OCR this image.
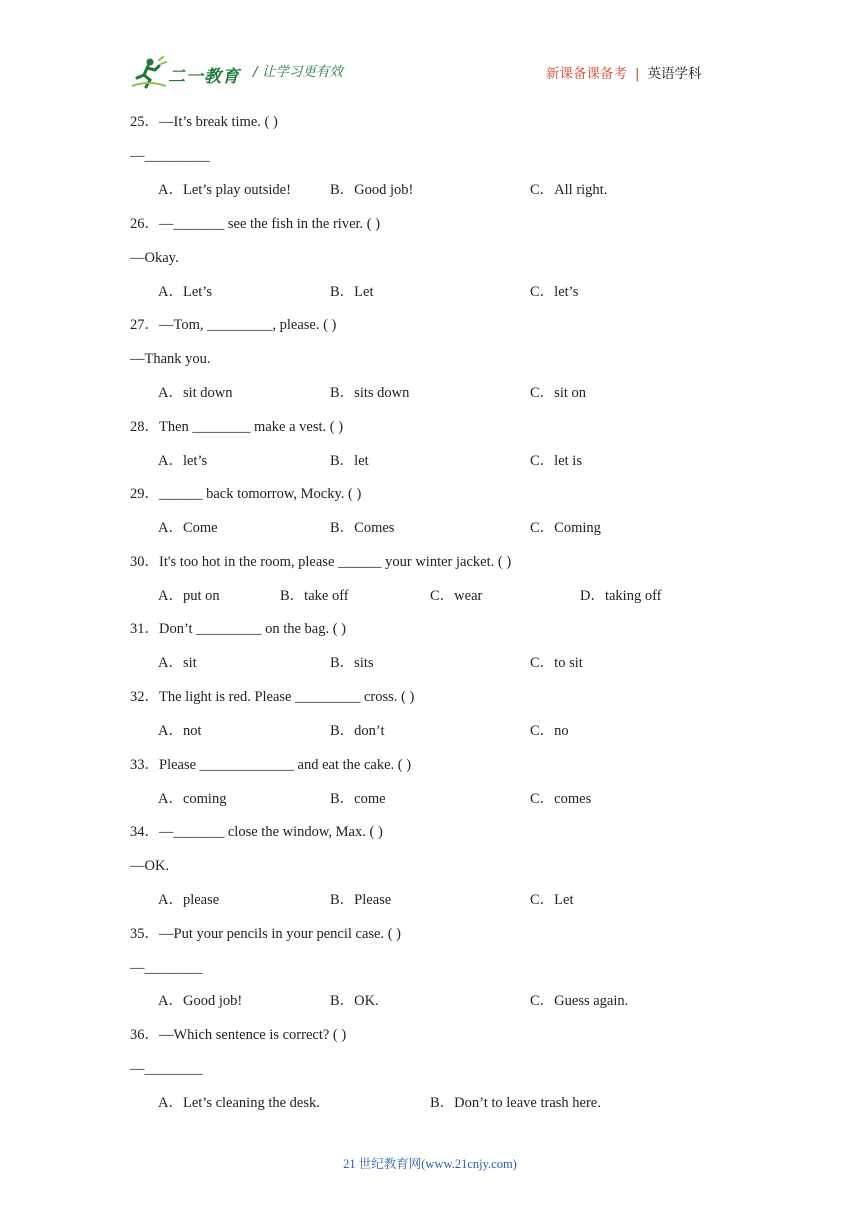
二一教育 / 让学习更有效	新课备课备考 | 英语学科
25．—It’s break time. ( )
—_________
A．Let’s play outside!	B．Good job!	C．All right.
26．—_______ see the fish in the river. ( )
—Okay.
A．Let’s	B．Let	C．let’s
27．—Tom, _________, please. ( )
—Thank you.
A．sit down	B．sits down	C．sit on
28．Then ________ make a vest. ( )
A．let’s	B．let	C．let is
29．______ back tomorrow, Mocky. ( )
A．Come	B．Comes	C．Coming
30．It's too hot in the room, please ______ your winter jacket. ( )
A．put on	B．take off	C．wear	D．taking off
31．Don’t _________ on the bag. ( )
A．sit	B．sits	C．to sit
32．The light is red. Please _________ cross. ( )
A．not	B．don’t	C．no
33．Please _____________ and eat the cake. ( )
A．coming	B．come	C．comes
34．—_______ close the window, Max. ( )
—OK.
A．please	B．Please	C．Let
35．—Put your pencils in your pencil case. ( )
—________
A．Good job!	B．OK.	C．Guess again.
36．—Which sentence is correct? ( )
—________
A．Let’s cleaning the desk.	B．Don’t to leave trash here.
21 世纪教育网(www.21cnjy.com)
